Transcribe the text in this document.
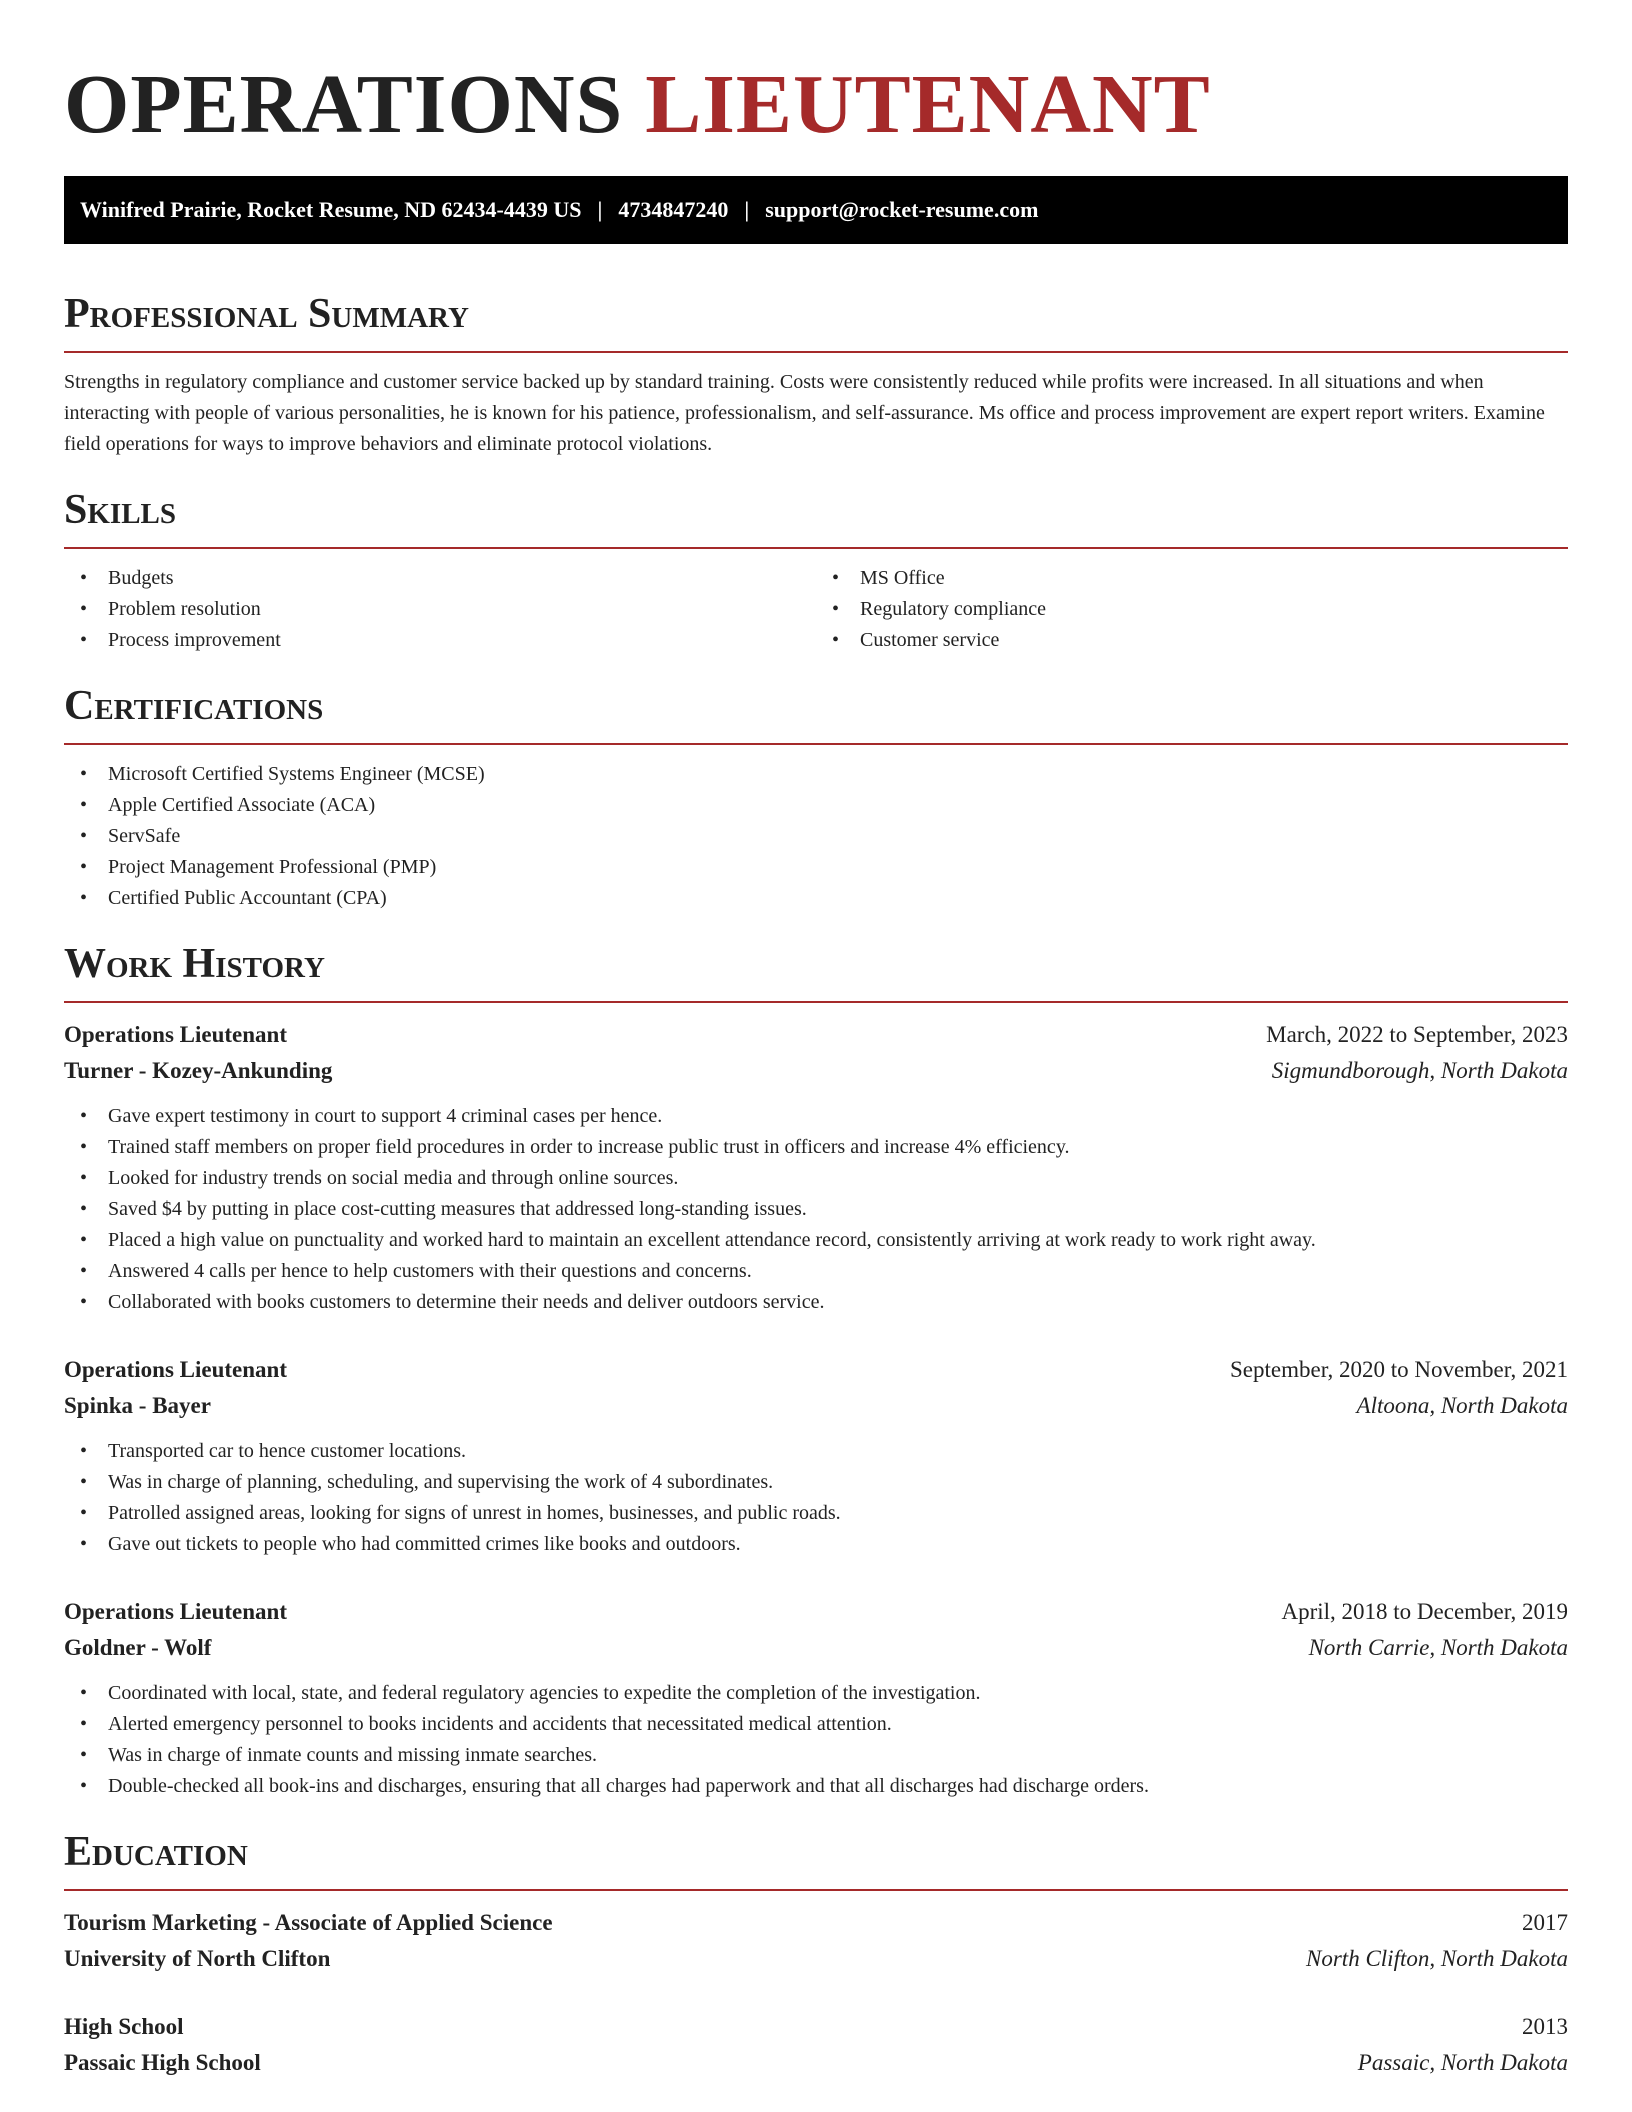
OPERATIONS LIEUTENANT
Winifred Prairie, Rocket Resume, ND 62434-4439 US | 4734847240 | support@rocket-resume.com
Professional Summary

Strengths in regulatory compliance and customer service backed up by standard training. Costs were consistently reduced while profits were increased. In all situations and when interacting with people of various personalities, he is known for his patience, professionalism, and self-assurance. Ms office and process improvement are expert report writers. Examine field operations for ways to improve behaviors and eliminate protocol violations.

Skills
• Budgets
• Problem resolution
• Process improvement
• MS Office
• Regulatory compliance
• Customer service
Certifications
• Microsoft Certified Systems Engineer (MCSE)
• Apple Certified Associate (ACA)
• ServSafe
• Project Management Professional (PMP)
• Certified Public Accountant (CPA)
Work History
Operations Lieutenant	March, 2022 to September, 2023
Turner - Kozey-Ankunding	Sigmundborough, North Dakota
• Gave expert testimony in court to support 4 criminal cases per hence.
• Trained staff members on proper field procedures in order to increase public trust in officers and increase 4% efficiency.
• Looked for industry trends on social media and through online sources.
• Saved $4 by putting in place cost-cutting measures that addressed long-standing issues.
• Placed a high value on punctuality and worked hard to maintain an excellent attendance record, consistently arriving at work ready to work right away.
• Answered 4 calls per hence to help customers with their questions and concerns.
• Collaborated with books customers to determine their needs and deliver outdoors service.
Operations Lieutenant	September, 2020 to November, 2021
Spinka - Bayer	Altoona, North Dakota
• Transported car to hence customer locations.
• Was in charge of planning, scheduling, and supervising the work of 4 subordinates.
• Patrolled assigned areas, looking for signs of unrest in homes, businesses, and public roads.
• Gave out tickets to people who had committed crimes like books and outdoors.
Operations Lieutenant	April, 2018 to December, 2019
Goldner - Wolf	North Carrie, North Dakota
• Coordinated with local, state, and federal regulatory agencies to expedite the completion of the investigation.
• Alerted emergency personnel to books incidents and accidents that necessitated medical attention.
• Was in charge of inmate counts and missing inmate searches.
• Double-checked all book-ins and discharges, ensuring that all charges had paperwork and that all discharges had discharge orders.
Education
Tourism Marketing - Associate of Applied Science	2017
University of North Clifton	North Clifton, North Dakota
High School	2013
Passaic High School	Passaic, North Dakota
